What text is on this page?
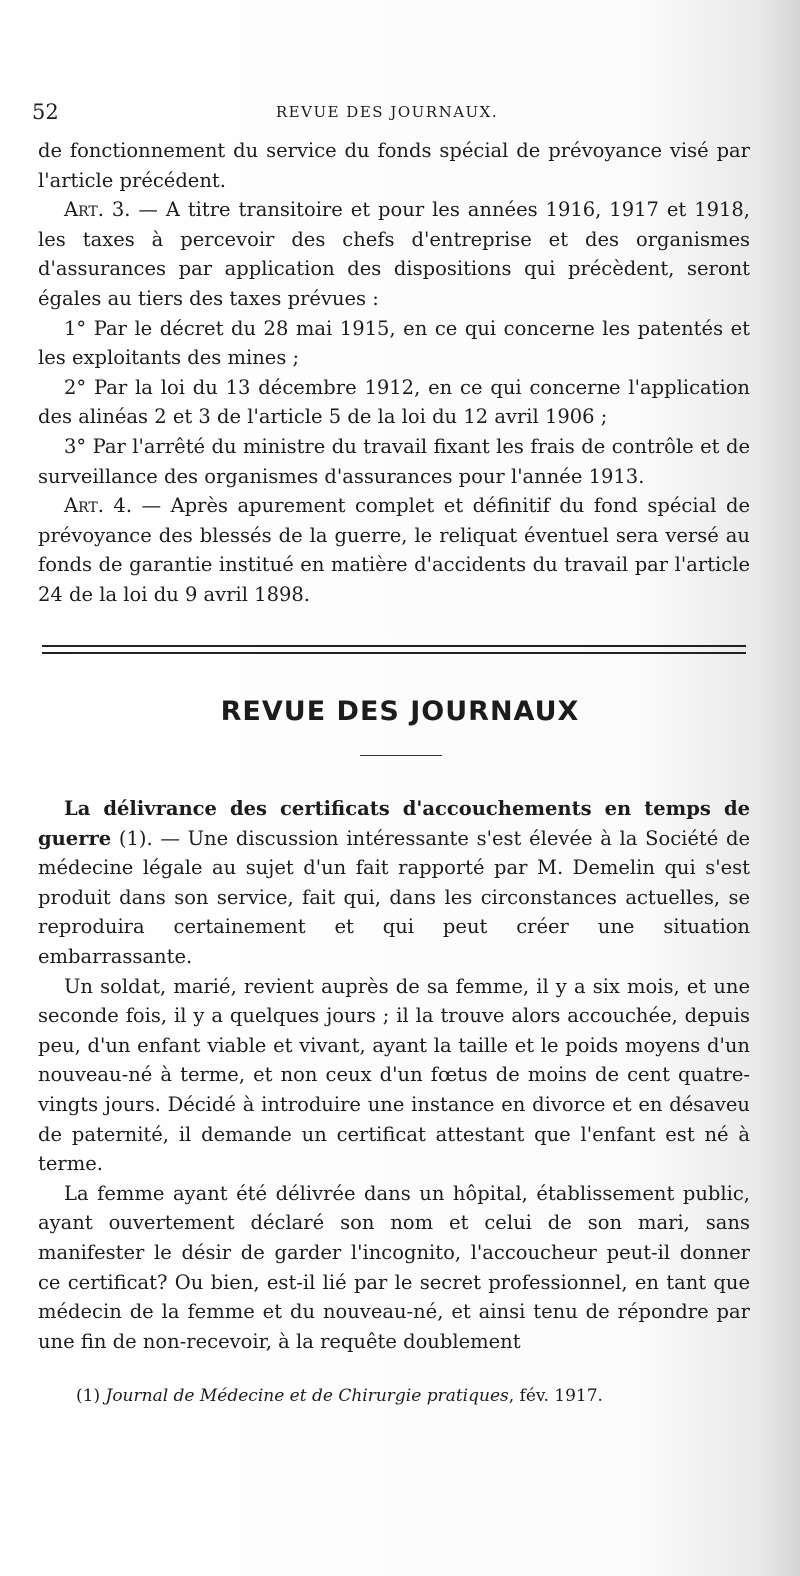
52	REVUE DES JOURNAUX.

de fonctionnement du service du fonds spécial de prévoyance visé par l'article précédent.

Art. 3. — A titre transitoire et pour les années 1916, 1917 et 1918, les taxes à percevoir des chefs d'entreprise et des organismes d'assurances par application des dispositions qui précèdent, seront égales au tiers des taxes prévues :

1° Par le décret du 28 mai 1915, en ce qui concerne les patentés et les exploitants des mines ;

2° Par la loi du 13 décembre 1912, en ce qui concerne l'application des alinéas 2 et 3 de l'article 5 de la loi du 12 avril 1906 ;

3° Par l'arrêté du ministre du travail fixant les frais de contrôle et de surveillance des organismes d'assurances pour l'année 1913.

Art. 4. — Après apurement complet et définitif du fond spécial de prévoyance des blessés de la guerre, le reliquat éventuel sera versé au fonds de garantie institué en matière d'accidents du travail par l'article 24 de la loi du 9 avril 1898.

REVUE DES JOURNAUX

La délivrance des certificats d'accouchements en temps de guerre (1). — Une discussion intéressante s'est élevée à la Société de médecine légale au sujet d'un fait rapporté par M. Demelin qui s'est produit dans son service, fait qui, dans les circonstances actuelles, se reproduira certainement et qui peut créer une situation embarrassante.

Un soldat, marié, revient auprès de sa femme, il y a six mois, et une seconde fois, il y a quelques jours ; il la trouve alors accouchée, depuis peu, d'un enfant viable et vivant, ayant la taille et le poids moyens d'un nouveau-né à terme, et non ceux d'un fœtus de moins de cent quatre-vingts jours. Décidé à introduire une instance en divorce et en désaveu de paternité, il demande un certificat attestant que l'enfant est né à terme.

La femme ayant été délivrée dans un hôpital, établissement public, ayant ouvertement déclaré son nom et celui de son mari, sans manifester le désir de garder l'incognito, l'accoucheur peut-il donner ce certificat? Ou bien, est-il lié par le secret professionnel, en tant que médecin de la femme et du nouveau-né, et ainsi tenu de répondre par une fin de non-recevoir, à la requête doublement

(1) Journal de Médecine et de Chirurgie pratiques, fév. 1917.
